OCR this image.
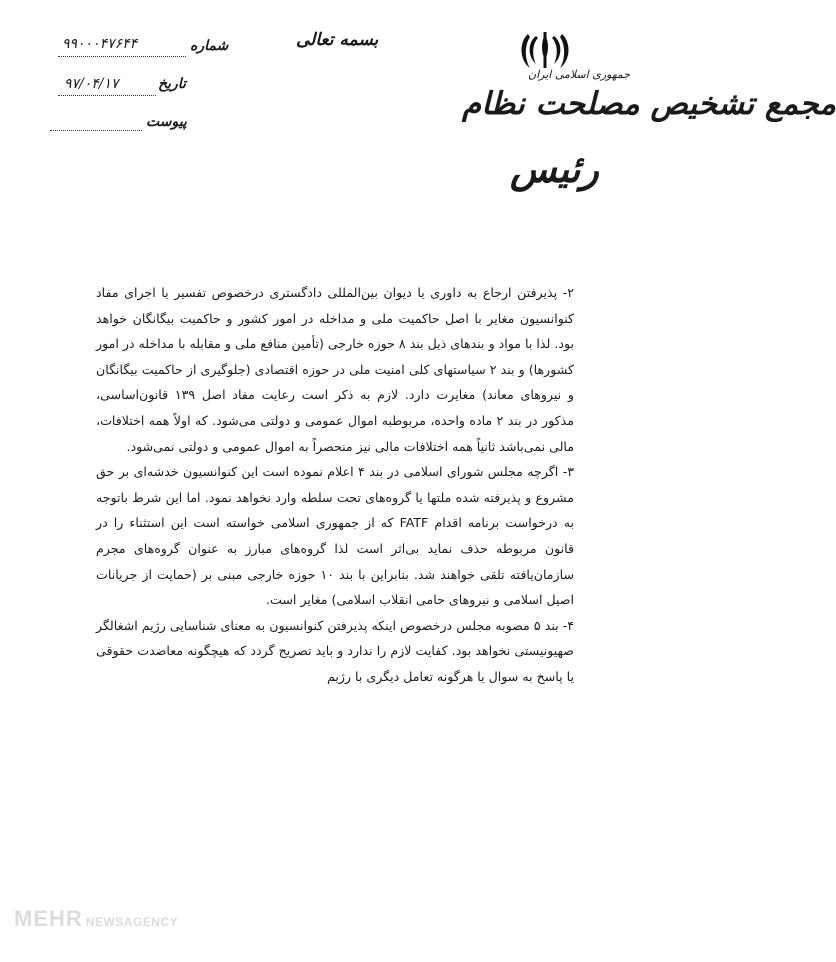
جمهوری اسلامی ایران
مجمع تشخیص مصلحت نظام
رئیس
بسمه تعالی
شماره
۹۹۰۰۰۴۷۶۴۴
تاریخ
۹۷/۰۴/۱۷
پیوست

۲- پذیرفتن ارجاع به داوری یا دیوان بین‌المللی دادگستری درخصوص تفسیر یا اجرای مفاد کنوانسیون مغایر با اصل حاکمیت ملی و مداخله در امور کشور و حاکمیت بیگانگان خواهد بود. لذا با مواد و بندهای ذیل بند ۸ حوزه خارجی (تأمین منافع ملی و مقابله با مداخله در امور کشورها) و بند ۲ سیاستهای کلی امنیت ملی در حوزه اقتصادی (جلوگیری از حاکمیت بیگانگان و نیروهای معاند) مغایرت دارد. لازم به ذکر است رعایت مفاد اصل ۱۳۹ قانون‌اساسی، مذکور در بند ۲ ماده واحده، مربوطبه اموال عمومی و دولتی می‌شود. که اولاً همه اختلافات، مالی نمی‌باشد ثانیاً همه اختلافات مالی نیز منحصراً به اموال عمومی و دولتی نمی‌شود.

۳- اگرچه مجلس شورای اسلامی در بند ۴ اعلام نموده است این کنوانسیون خدشه‌ای بر حق مشروع و پذیرفته شده ملتها یا گروه‌های تحت سلطه وارد نخواهد نمود. اما این شرط باتوجه به درخواست برنامه اقدام FATF که از جمهوری اسلامی خواسته است این استثناء را در قانون مربوطه حذف نماید بی‌اثر است لذا گروه‌های مبارز به عنوان گروه‌های مجرم سازمان‌یافته تلقی خواهند شد. بنابراین با بند ۱۰ حوزه خارجی مبنی بر (حمایت از جریانات اصیل اسلامی و نیروهای حامی انقلاب اسلامی) مغایر است.

۴- بند ۵ مصوبه مجلس درخصوص اینکه پذیرفتن کنوانسیون به معنای شناسایی رژیم اشغالگر صهیونیستی نخواهد بود. کفایت لازم را ندارد و باید تصریح گردد که هیچگونه معاضدت حقوقی یا پاسخ به سوال یا هرگونه تعامل دیگری با رژیم

MEHR NEWSAGENCY
